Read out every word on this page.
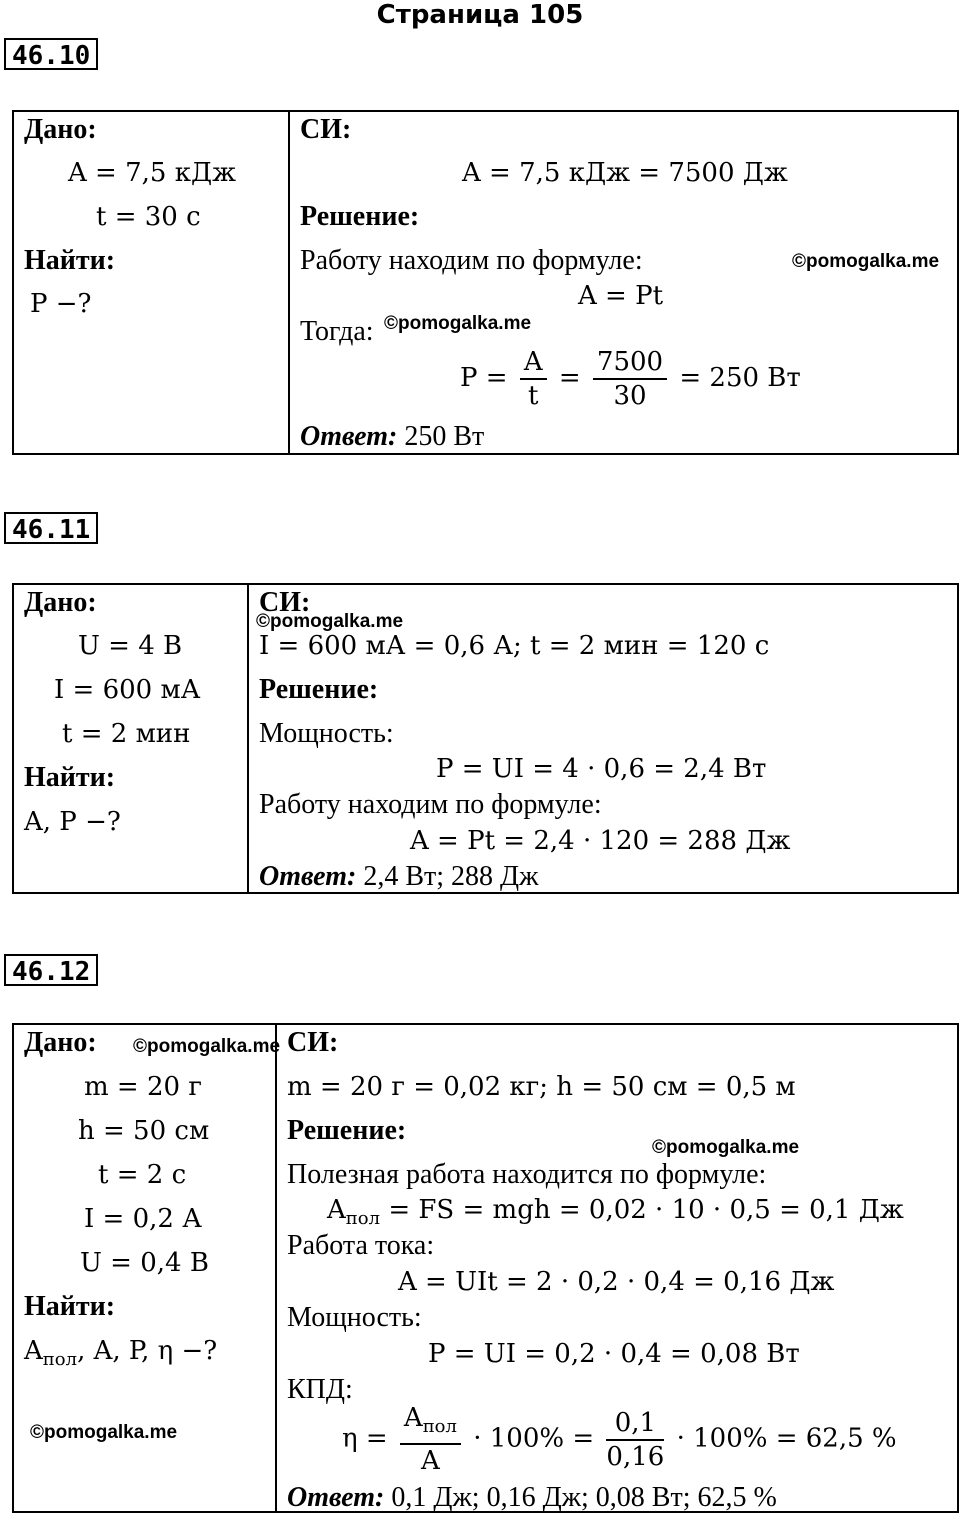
Страница 105
46.10
Дано:
A = 7,5 кДж
t = 30 с
Найти:
P −?
СИ:
A = 7,5 кДж = 7500 Дж
Решение:
Работу находим по формуле:	©pomogalka.me
A = Pt
Тогда: ©pomogalka.me
$P = \frac{A}{t} = \frac{7500}{30} = 250$ Вт
Ответ: 250 Вт
46.11
Дано:
U = 4 В
I = 600 мА
t = 2 мин
Найти:
A, P −?
СИ:
©pomogalka.me
I = 600 мА = 0,6 А; t = 2 мин = 120 с
Решение:
Мощность:
P = UI = 4 · 0,6 = 2,4 Вт
Работу находим по формуле:
A = Pt = 2,4 · 120 = 288 Дж
Ответ: 2,4 Вт; 288 Дж
46.12
Дано: ©pomogalka.me
m = 20 г
h = 50 см
t = 2 с
I = 0,2 А
U = 0,4 В
Найти:
$A_{пол}$, A, P, η −?
©pomogalka.me
СИ:
m = 20 г = 0,02 кг; h = 50 см = 0,5 м
Решение:
©pomogalka.me
Полезная работа находится по формуле:
$A_{пол}$ = FS = mgh = 0,02 · 10 · 0,5 = 0,1 Дж
Работа тока:
A = UIt = 2 · 0,2 · 0,4 = 0,16 Дж
Мощность:
P = UI = 0,2 · 0,4 = 0,08 Вт
КПД:
$\eta = \frac{A_{пол}}{A} \cdot 100\% = \frac{0,1}{0,16} \cdot 100\% = 62,5$ %
Ответ: 0,1 Дж; 0,16 Дж; 0,08 Вт; 62,5 %
